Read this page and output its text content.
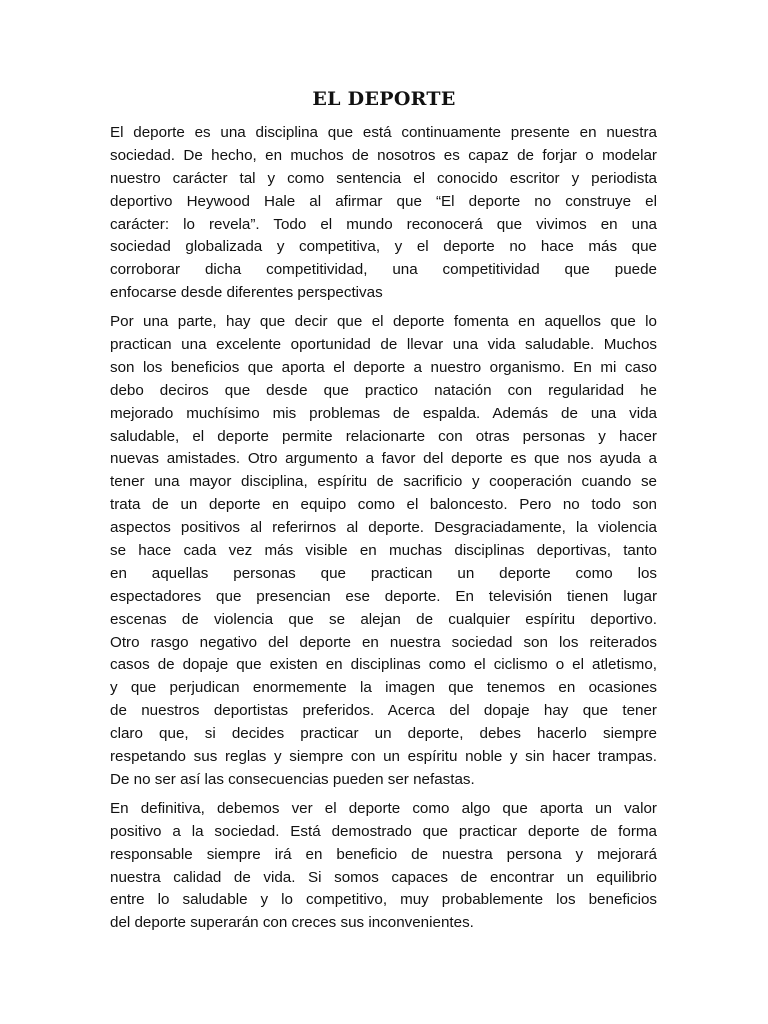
EL DEPORTE
El deporte es una disciplina que está continuamente presente en nuestra
sociedad. De hecho, en muchos de nosotros es capaz de forjar o modelar
nuestro carácter tal y como sentencia el conocido escritor y periodista
deportivo Heywood Hale al afirmar que “El deporte no construye el
carácter: lo revela”. Todo el mundo reconocerá que vivimos en una
sociedad globalizada y competitiva, y el deporte no hace más que
corroborar dicha competitividad, una competitividad que puede
enfocarse desde diferentes perspectivas
Por una parte, hay que decir que el deporte fomenta en aquellos que lo
practican una excelente oportunidad de llevar una vida saludable. Muchos
son los beneficios que aporta el deporte a nuestro organismo. En mi caso
debo deciros que desde que practico natación con regularidad he
mejorado muchísimo mis problemas de espalda. Además de una vida
saludable, el deporte permite relacionarte con otras personas y hacer
nuevas amistades. Otro argumento a favor del deporte es que nos ayuda a
tener una mayor disciplina, espíritu de sacrificio y cooperación cuando se
trata de un deporte en equipo como el baloncesto. Pero no todo son
aspectos positivos al referirnos al deporte. Desgraciadamente, la violencia
se hace cada vez más visible en muchas disciplinas deportivas, tanto
en aquellas personas que practican un deporte como los
espectadores que presencian ese deporte. En televisión tienen lugar
escenas de violencia que se alejan de cualquier espíritu deportivo.
Otro rasgo negativo del deporte en nuestra sociedad son los reiterados
casos de dopaje que existen en disciplinas como el ciclismo o el atletismo,
y que perjudican enormemente la imagen que tenemos en ocasiones
de nuestros deportistas preferidos. Acerca del dopaje hay que tener
claro que, si decides practicar un deporte, debes hacerlo siempre
respetando sus reglas y siempre con un espíritu noble y sin hacer trampas.
De no ser así las consecuencias pueden ser nefastas.
En definitiva, debemos ver el deporte como algo que aporta un valor
positivo a la sociedad. Está demostrado que practicar deporte de forma
responsable siempre irá en beneficio de nuestra persona y mejorará
nuestra calidad de vida. Si somos capaces de encontrar un equilibrio
entre lo saludable y lo competitivo, muy probablemente los beneficios
del deporte superarán con creces sus inconvenientes.
